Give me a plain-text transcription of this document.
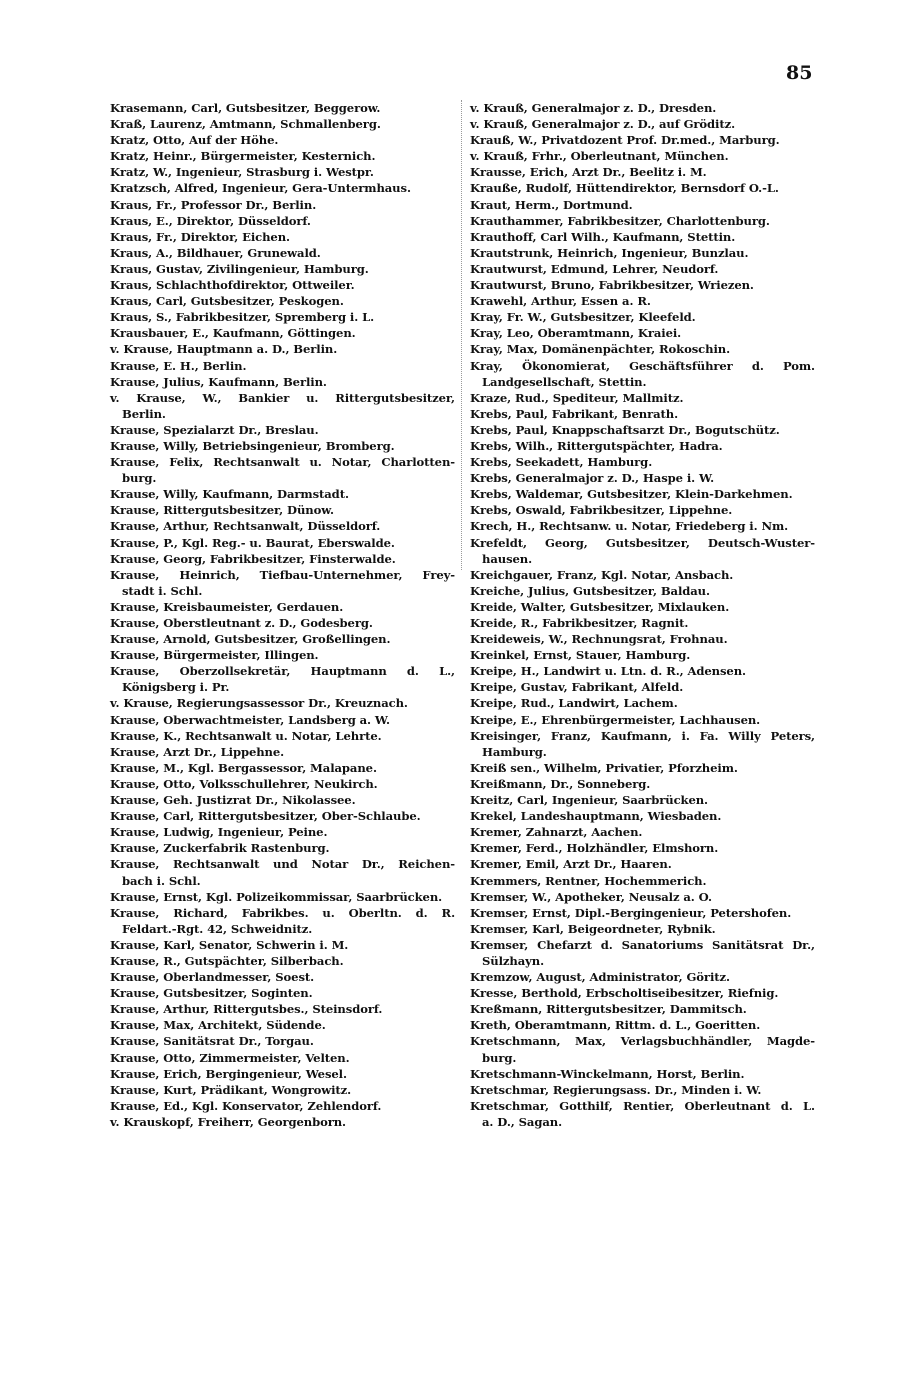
85
Krasemann, Carl, Gutsbesitzer, Beggerow.
Kraß, Laurenz, Amtmann, Schmallenberg.
Kratz, Otto, Auf der Höhe.
Kratz, Heinr., Bürgermeister, Kesternich.
Kratz, W., Ingenieur, Strasburg i. Westpr.
Kratzsch, Alfred, Ingenieur, Gera-Untermhaus.
Kraus, Fr., Professor Dr., Berlin.
Kraus, E., Direktor, Düsseldorf.
Kraus, Fr., Direktor, Eichen.
Kraus, A., Bildhauer, Grunewald.
Kraus, Gustav, Zivilingenieur, Hamburg.
Kraus, Schlachthofdirektor, Ottweiler.
Kraus, Carl, Gutsbesitzer, Peskogen.
Kraus, S., Fabrikbesitzer, Spremberg i. L.
Krausbauer, E., Kaufmann, Göttingen.
v. Krause, Hauptmann a. D., Berlin.
Krause, E. H., Berlin.
Krause, Julius, Kaufmann, Berlin.
v. Krause, W., Bankier u. Rittergutsbesitzer,
Berlin.
Krause, Spezialarzt Dr., Breslau.
Krause, Willy, Betriebsingenieur, Bromberg.
Krause, Felix, Rechtsanwalt u. Notar, Charlotten-
burg.
Krause, Willy, Kaufmann, Darmstadt.
Krause, Rittergutsbesitzer, Dünow.
Krause, Arthur, Rechtsanwalt, Düsseldorf.
Krause, P., Kgl. Reg.- u. Baurat, Eberswalde.
Krause, Georg, Fabrikbesitzer, Finsterwalde.
Krause, Heinrich, Tiefbau-Unternehmer, Frey-
stadt i. Schl.
Krause, Kreisbaumeister, Gerdauen.
Krause, Oberstleutnant z. D., Godesberg.
Krause, Arnold, Gutsbesitzer, Großellingen.
Krause, Bürgermeister, Illingen.
Krause, Oberzollsekretär, Hauptmann d. L.,
Königsberg i. Pr.
v. Krause, Regierungsassessor Dr., Kreuznach.
Krause, Oberwachtmeister, Landsberg a. W.
Krause, K., Rechtsanwalt u. Notar, Lehrte.
Krause, Arzt Dr., Lippehne.
Krause, M., Kgl. Bergassessor, Malapane.
Krause, Otto, Volksschullehrer, Neukirch.
Krause, Geh. Justizrat Dr., Nikolassee.
Krause, Carl, Rittergutsbesitzer, Ober-Schlaube.
Krause, Ludwig, Ingenieur, Peine.
Krause, Zuckerfabrik Rastenburg.
Krause, Rechtsanwalt und Notar Dr., Reichen-
bach i. Schl.
Krause, Ernst, Kgl. Polizeikommissar, Saarbrücken.
Krause, Richard, Fabrikbes. u. Oberltn. d. R.
Feldart.-Rgt. 42, Schweidnitz.
Krause, Karl, Senator, Schwerin i. M.
Krause, R., Gutspächter, Silberbach.
Krause, Oberlandmesser, Soest.
Krause, Gutsbesitzer, Soginten.
Krause, Arthur, Rittergutsbes., Steinsdorf.
Krause, Max, Architekt, Südende.
Krause, Sanitätsrat Dr., Torgau.
Krause, Otto, Zimmermeister, Velten.
Krause, Erich, Bergingenieur, Wesel.
Krause, Kurt, Prädikant, Wongrowitz.
Krause, Ed., Kgl. Konservator, Zehlendorf.
v. Krauskopf, Freiherr, Georgenborn.
v. Krauß, Generalmajor z. D., Dresden.
v. Krauß, Generalmajor z. D., auf Gröditz.
Krauß, W., Privatdozent Prof. Dr.med., Marburg.
v. Krauß, Frhr., Oberleutnant, München.
Krausse, Erich, Arzt Dr., Beelitz i. M.
Krauße, Rudolf, Hüttendirektor, Bernsdorf O.-L.
Kraut, Herm., Dortmund.
Krauthammer, Fabrikbesitzer, Charlottenburg.
Krauthoff, Carl Wilh., Kaufmann, Stettin.
Krautstrunk, Heinrich, Ingenieur, Bunzlau.
Krautwurst, Edmund, Lehrer, Neudorf.
Krautwurst, Bruno, Fabrikbesitzer, Wriezen.
Krawehl, Arthur, Essen a. R.
Kray, Fr. W., Gutsbesitzer, Kleefeld.
Kray, Leo, Oberamtmann, Kraiei.
Kray, Max, Domänenpächter, Rokoschin.
Kray, Ökonomierat, Geschäftsführer d. Pom.
Landgesellschaft, Stettin.
Kraze, Rud., Spediteur, Mallmitz.
Krebs, Paul, Fabrikant, Benrath.
Krebs, Paul, Knappschaftsarzt Dr., Bogutschütz.
Krebs, Wilh., Rittergutspächter, Hadra.
Krebs, Seekadett, Hamburg.
Krebs, Generalmajor z. D., Haspe i. W.
Krebs, Waldemar, Gutsbesitzer, Klein-Darkehmen.
Krebs, Oswald, Fabrikbesitzer, Lippehne.
Krech, H., Rechtsanw. u. Notar, Friedeberg i. Nm.
Krefeldt, Georg, Gutsbesitzer, Deutsch-Wuster-
hausen.
Kreichgauer, Franz, Kgl. Notar, Ansbach.
Kreiche, Julius, Gutsbesitzer, Baldau.
Kreide, Walter, Gutsbesitzer, Mixlauken.
Kreide, R., Fabrikbesitzer, Ragnit.
Kreideweis, W., Rechnungsrat, Frohnau.
Kreinkel, Ernst, Stauer, Hamburg.
Kreipe, H., Landwirt u. Ltn. d. R., Adensen.
Kreipe, Gustav, Fabrikant, Alfeld.
Kreipe, Rud., Landwirt, Lachem.
Kreipe, E., Ehrenbürgermeister, Lachhausen.
Kreisinger, Franz, Kaufmann, i. Fa. Willy Peters,
Hamburg.
Kreiß sen., Wilhelm, Privatier, Pforzheim.
Kreißmann, Dr., Sonneberg.
Kreitz, Carl, Ingenieur, Saarbrücken.
Krekel, Landeshauptmann, Wiesbaden.
Kremer, Zahnarzt, Aachen.
Kremer, Ferd., Holzhändler, Elmshorn.
Kremer, Emil, Arzt Dr., Haaren.
Kremmers, Rentner, Hochemmerich.
Kremser, W., Apotheker, Neusalz a. O.
Kremser, Ernst, Dipl.-Bergingenieur, Petershofen.
Kremser, Karl, Beigeordneter, Rybnik.
Kremser, Chefarzt d. Sanatoriums Sanitätsrat Dr.,
Sülzhayn.
Kremzow, August, Administrator, Göritz.
Kresse, Berthold, Erbscholtiseibesitzer, Riefnig.
Kreßmann, Rittergutsbesitzer, Dammitsch.
Kreth, Oberamtmann, Rittm. d. L., Goeritten.
Kretschmann, Max, Verlagsbuchhändler, Magde-
burg.
Kretschmann-Winckelmann, Horst, Berlin.
Kretschmar, Regierungsass. Dr., Minden i. W.
Kretschmar, Gotthilf, Rentier, Oberleutnant d. L.
a. D., Sagan.
